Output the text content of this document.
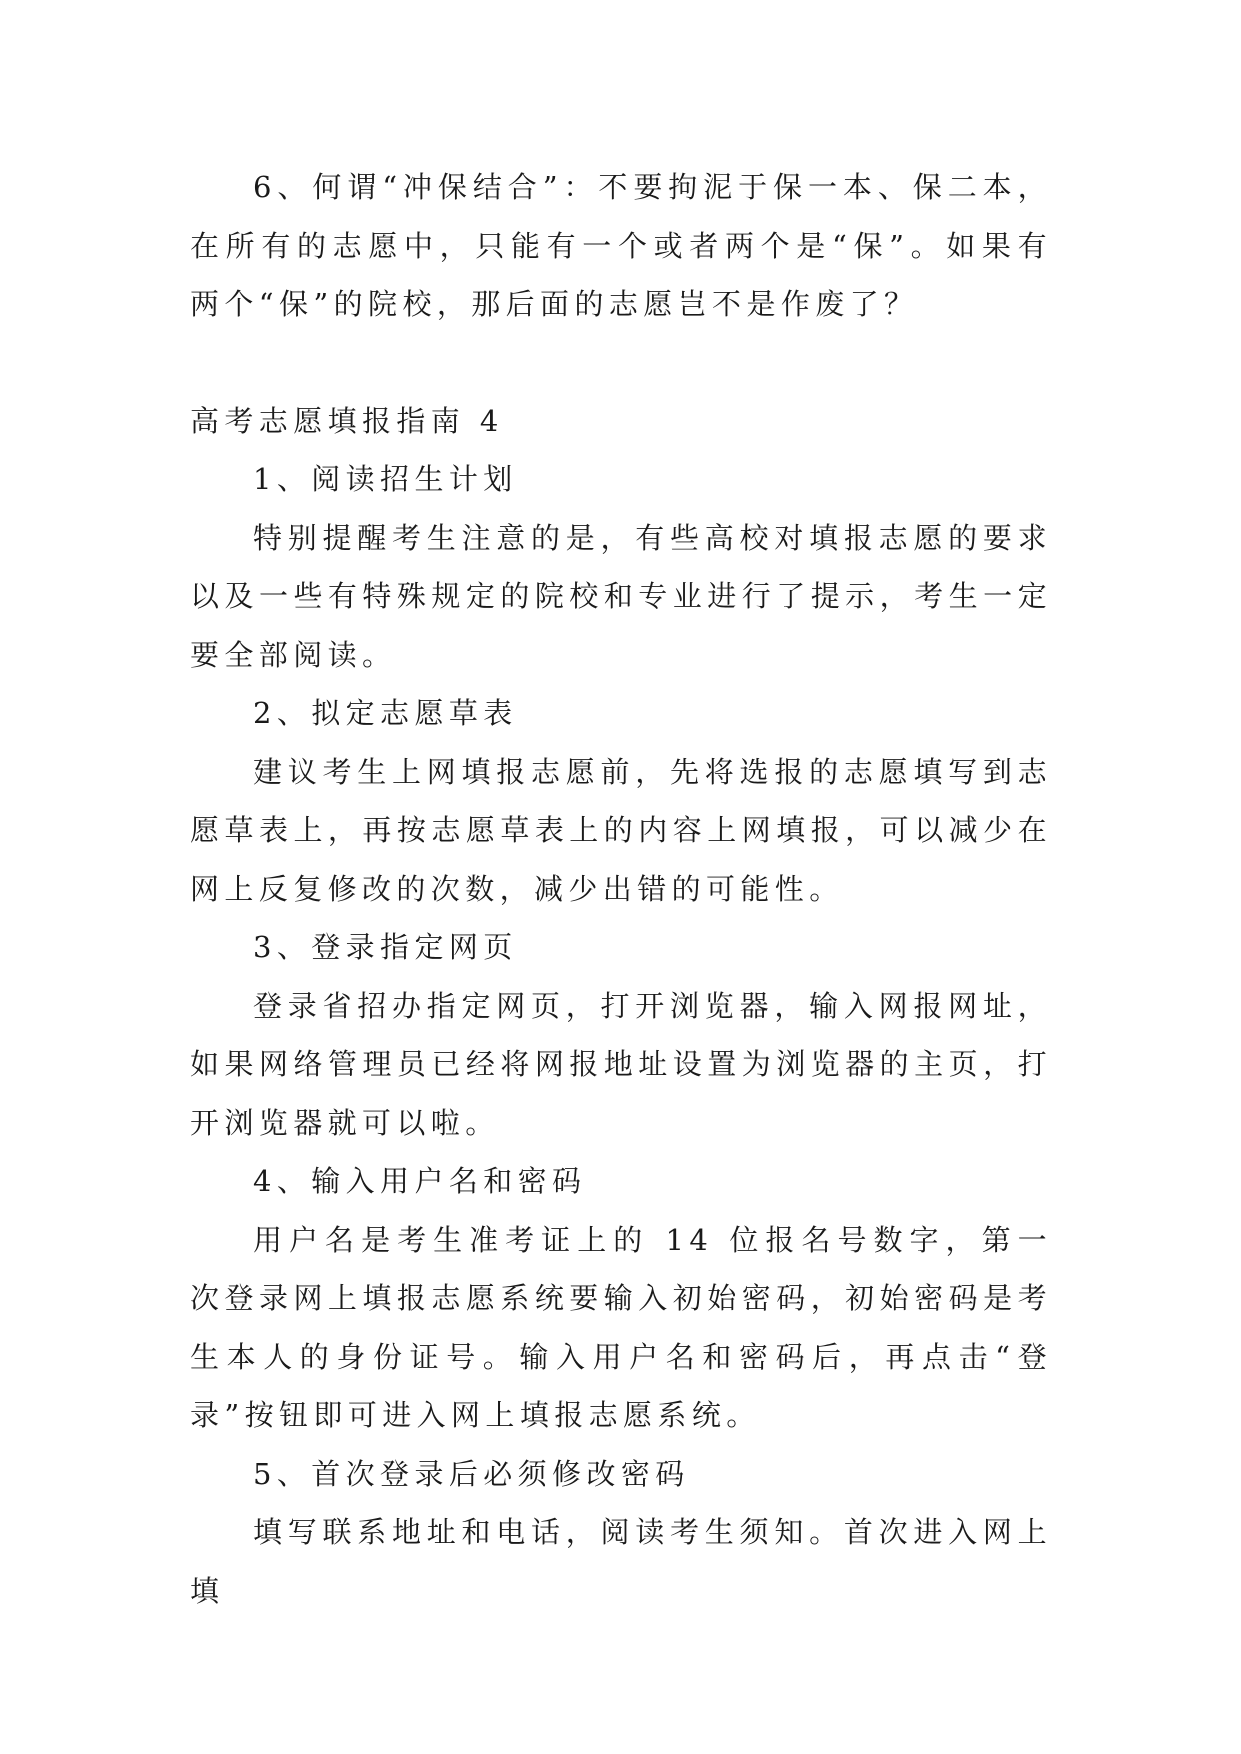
6、何谓“冲保结合”：不要拘泥于保一本、保二本，在所有的志愿中，只能有一个或者两个是“保”。如果有两个“保”的院校，那后面的志愿岂不是作废了？

高考志愿填报指南 4

1、阅读招生计划

特别提醒考生注意的是，有些高校对填报志愿的要求以及一些有特殊规定的院校和专业进行了提示，考生一定要全部阅读。

2、拟定志愿草表

建议考生上网填报志愿前，先将选报的志愿填写到志愿草表上，再按志愿草表上的内容上网填报，可以减少在网上反复修改的次数，减少出错的可能性。

3、登录指定网页

登录省招办指定网页，打开浏览器，输入网报网址，如果网络管理员已经将网报地址设置为浏览器的主页，打开浏览器就可以啦。

4、输入用户名和密码

用户名是考生准考证上的 14 位报名号数字，第一次登录网上填报志愿系统要输入初始密码，初始密码是考生本人的身份证号。输入用户名和密码后，再点击“登录”按钮即可进入网上填报志愿系统。

5、首次登录后必须修改密码

填写联系地址和电话，阅读考生须知。首次进入网上填
